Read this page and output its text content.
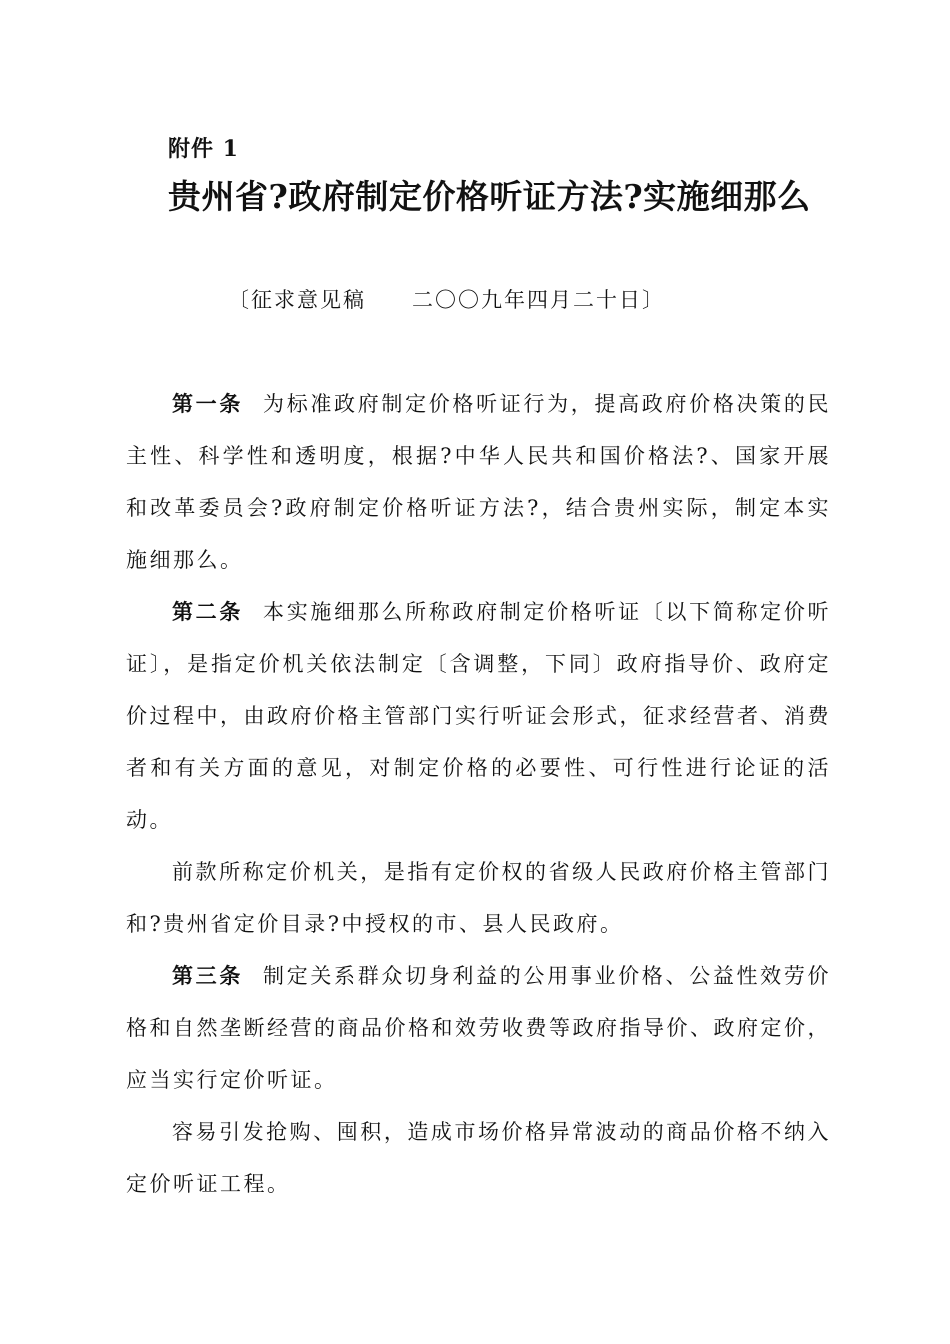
附件 1
贵州省?政府制定价格听证方法?实施细那么
〔征求意见稿 二〇〇九年四月二十日〕

第一条 为标准政府制定价格听证行为，提高政府价格决策的民主性、科学性和透明度，根据?中华人民共和国价格法?、国家开展和改革委员会?政府制定价格听证方法?，结合贵州实际，制定本实施细那么。

第二条 本实施细那么所称政府制定价格听证〔以下简称定价听证〕，是指定价机关依法制定〔含调整，下同〕政府指导价、政府定价过程中，由政府价格主管部门实行听证会形式，征求经营者、消费者和有关方面的意见，对制定价格的必要性、可行性进行论证的活动。

前款所称定价机关，是指有定价权的省级人民政府价格主管部门和?贵州省定价目录?中授权的市、县人民政府。

第三条 制定关系群众切身利益的公用事业价格、公益性效劳价格和自然垄断经营的商品价格和效劳收费等政府指导价、政府定价，应当实行定价听证。

容易引发抢购、囤积，造成市场价格异常波动的商品价格不纳入定价听证工程。
